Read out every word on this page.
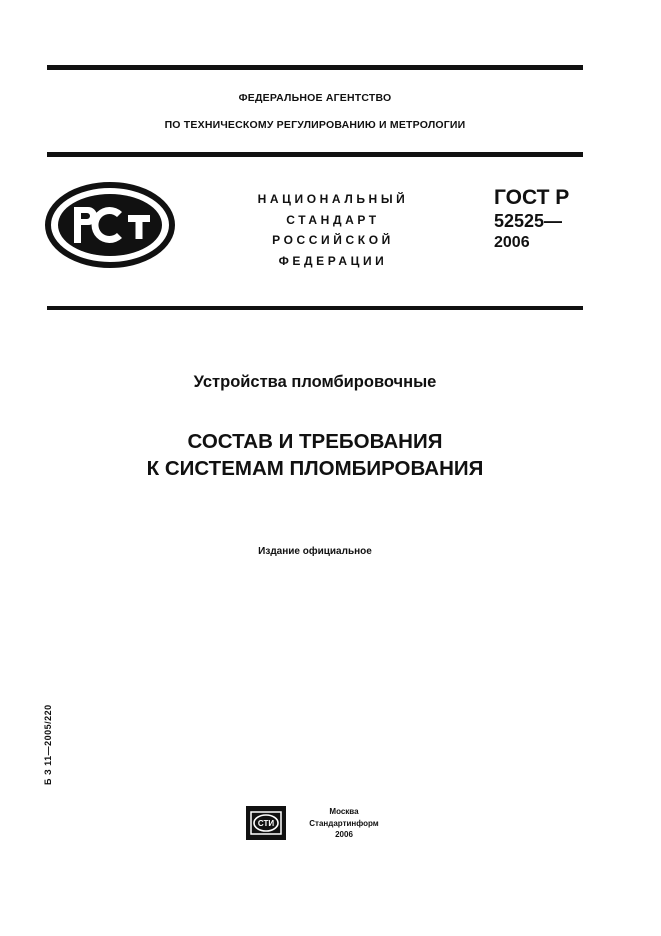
ФЕДЕРАЛЬНОЕ АГЕНТСТВО
ПО ТЕХНИЧЕСКОМУ РЕГУЛИРОВАНИЮ И МЕТРОЛОГИИ
НАЦИОНАЛЬНЫЙ
СТАНДАРТ
РОССИЙСКОЙ
ФЕДЕРАЦИИ
ГОСТ Р
52525—
2006
Устройства пломбировочные
СОСТАВ И ТРЕБОВАНИЯ
К СИСТЕМАМ ПЛОМБИРОВАНИЯ
Издание официальное
Б З 11—2005/220
СТИ
Москва
Стандартинформ
2006
